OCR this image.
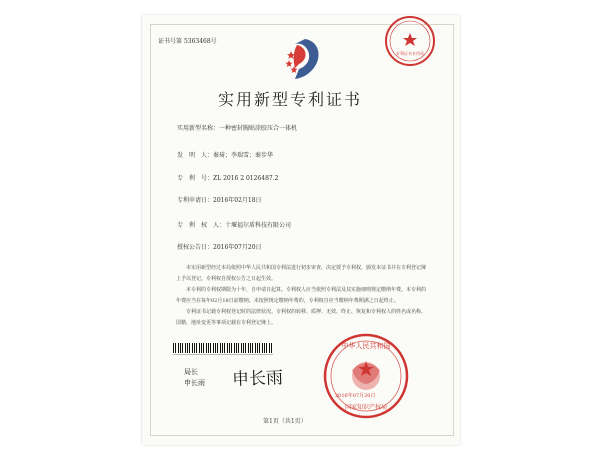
证书号第 5363468号
专利证书专用章
实用新型专利证书
实用新型名称：一种密封胸贴涂胶压合一体机
发　明　人：秦琦；李瑞雪；秦步华
专　利　号：ZL 2016 2 0126487.2
专利申请日：2016年02月18日
专　利　权　人：十堰福尔盾科技有限公司
授权公告日：2016年07月20日

本实用新型经过本局依照中华人民共和国专利法进行初步审查，决定授予专利权，颁发本证书并在专利登记簿上予以登记。专利权自授权公告之日起生效。

本专利的专利权期限为十年，自申请日起算。专利权人应当依照专利法及其实施细则规定缴纳年费。本专利的年费应当在每年02月18日前缴纳。未按照规定缴纳年费的，专利权自应当缴纳年费期满之日起终止。

专利证书记载专利权登记时的法律状况。专利权的转移、质押、无效、终止、恢复和专利权人的姓名或名称、国籍、地址变更等事项记载在专利登记簿上。

局长
申长雨 申长雨
中华人民共和国
国家知识产权局
2016年07月20日
第1页（共1页）
